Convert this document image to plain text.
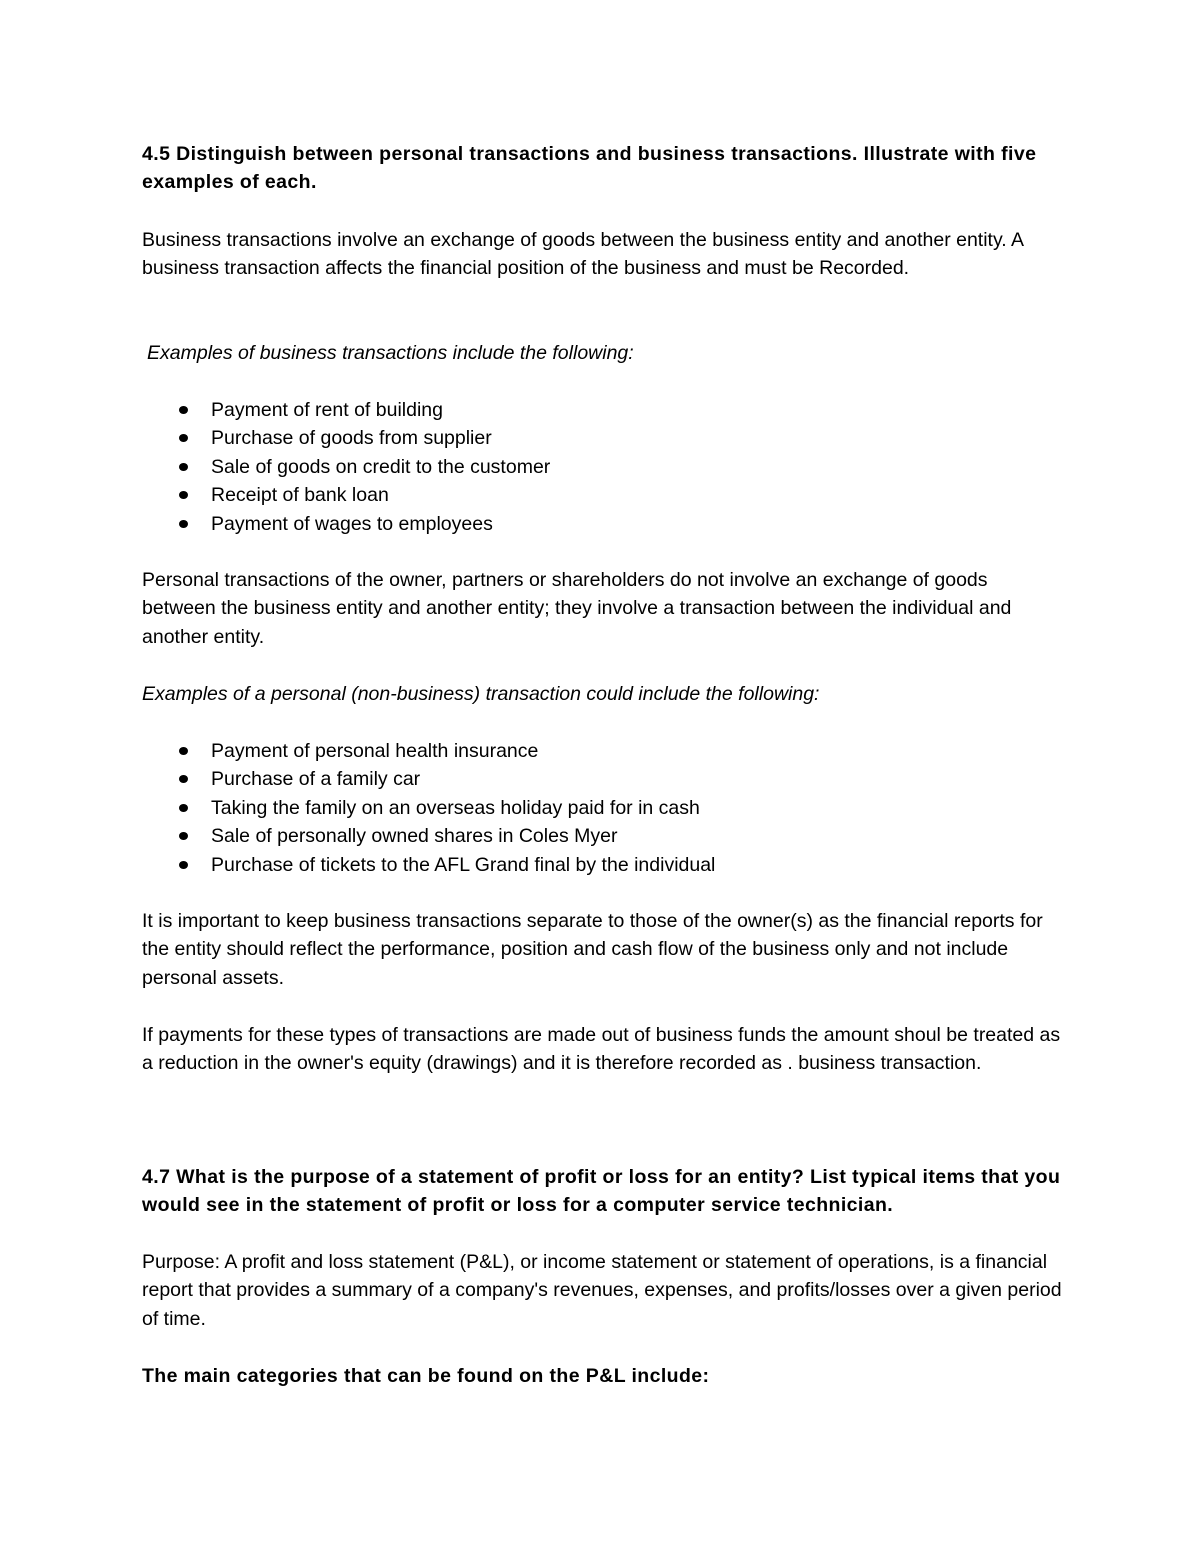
4.5 Distinguish between personal transactions and business transactions. Illustrate with five examples of each.

Business transactions involve an exchange of goods between the business entity and another entity. A business transaction affects the financial position of the business and must be Recorded.

Examples of business transactions include the following:

Payment of rent of building
Purchase of goods from supplier
Sale of goods on credit to the customer
Receipt of bank loan
Payment of wages to employees

Personal transactions of the owner, partners or shareholders do not involve an exchange of goods between the business entity and another entity; they involve a transaction between the individual and another entity.

Examples of a personal (non-business) transaction could include the following:

Payment of personal health insurance
Purchase of a family car
Taking the family on an overseas holiday paid for in cash
Sale of personally owned shares in Coles Myer
Purchase of tickets to the AFL Grand final by the individual

It is important to keep business transactions separate to those of the owner(s) as the financial reports for the entity should reflect the performance, position and cash flow of the business only and not include personal assets.

If payments for these types of transactions are made out of business funds the amount shoul be treated as a reduction in the owner's equity (drawings) and it is therefore recorded as . business transaction.

4.7 What is the purpose of a statement of profit or loss for an entity? List typical items that you would see in the statement of profit or loss for a computer service technician.

Purpose: A profit and loss statement (P&L), or income statement or statement of operations, is a financial report that provides a summary of a company's revenues, expenses, and profits/losses over a given period of time.

The main categories that can be found on the P&L include:
